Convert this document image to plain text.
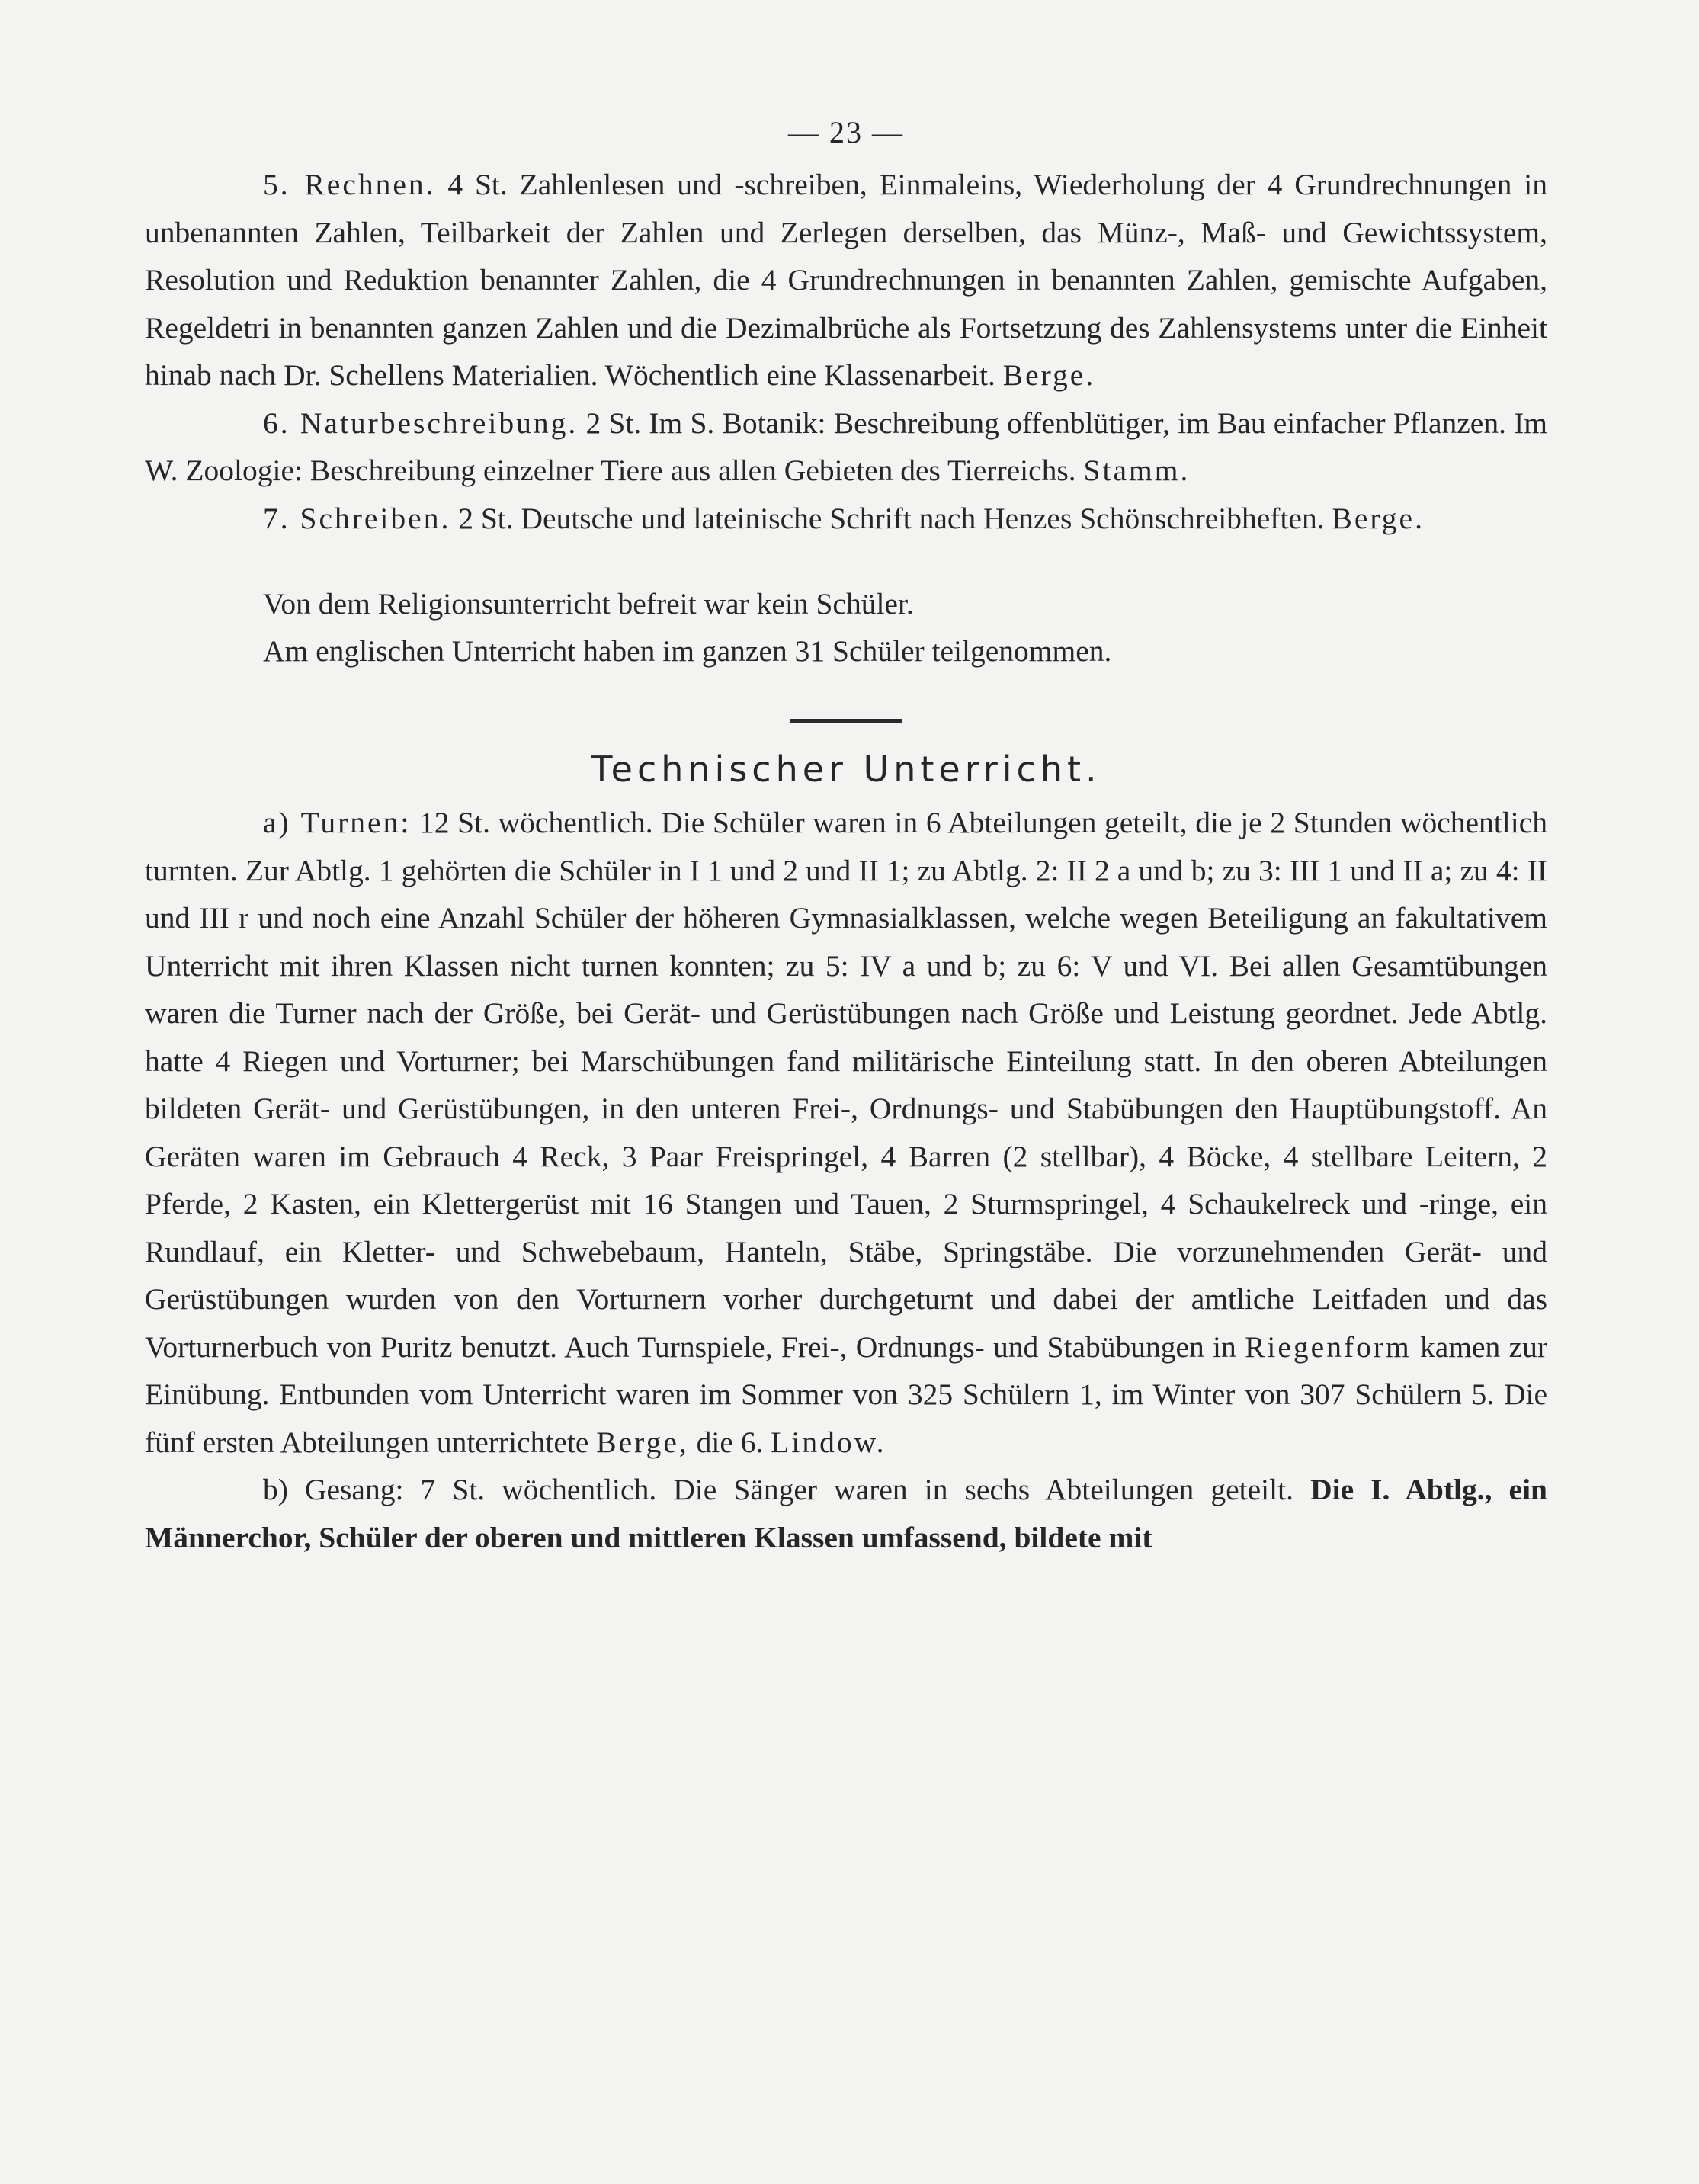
— 23 —

5. Rechnen. 4 St. Zahlenlesen und -schreiben, Einmaleins, Wiederholung der 4 Grundrechnungen in unbenannten Zahlen, Teilbarkeit der Zahlen und Zerlegen derselben, das Münz-, Maß- und Gewichtssystem, Resolution und Reduktion benannter Zahlen, die 4 Grundrechnungen in benannten Zahlen, gemischte Aufgaben, Regeldetri in benannten ganzen Zahlen und die Dezimalbrüche als Fortsetzung des Zahlensystems unter die Einheit hinab nach Dr. Schellens Materialien. Wöchentlich eine Klassenarbeit. Berge.

6. Naturbeschreibung. 2 St. Im S. Botanik: Beschreibung offenblütiger, im Bau einfacher Pflanzen. Im W. Zoologie: Beschreibung einzelner Tiere aus allen Gebieten des Tierreichs. Stamm.

7. Schreiben. 2 St. Deutsche und lateinische Schrift nach Henzes Schönschreibheften. Berge.

Von dem Religionsunterricht befreit war kein Schüler.

Am englischen Unterricht haben im ganzen 31 Schüler teilgenommen.

Technischer Unterricht.

a) Turnen: 12 St. wöchentlich. Die Schüler waren in 6 Abteilungen geteilt, die je 2 Stunden wöchentlich turnten. Zur Abtlg. 1 gehörten die Schüler in I 1 und 2 und II 1; zu Abtlg. 2: II 2 a und b; zu 3: III 1 und II a; zu 4: II und III r und noch eine Anzahl Schüler der höheren Gymnasialklassen, welche wegen Beteiligung an fakultativem Unterricht mit ihren Klassen nicht turnen konnten; zu 5: IV a und b; zu 6: V und VI. Bei allen Gesamtübungen waren die Turner nach der Größe, bei Gerät- und Gerüstübungen nach Größe und Leistung geordnet. Jede Abtlg. hatte 4 Riegen und Vorturner; bei Marschübungen fand militärische Einteilung statt. In den oberen Abteilungen bildeten Gerät- und Gerüstübungen, in den unteren Frei-, Ordnungs- und Stabübungen den Hauptübungstoff. An Geräten waren im Gebrauch 4 Reck, 3 Paar Freispringel, 4 Barren (2 stellbar), 4 Böcke, 4 stellbare Leitern, 2 Pferde, 2 Kasten, ein Klettergerüst mit 16 Stangen und Tauen, 2 Sturmspringel, 4 Schaukelreck und -ringe, ein Rundlauf, ein Kletter- und Schwebebaum, Hanteln, Stäbe, Springstäbe. Die vorzunehmenden Gerät- und Gerüstübungen wurden von den Vorturnern vorher durchgeturnt und dabei der amtliche Leitfaden und das Vorturnerbuch von Puritz benutzt. Auch Turnspiele, Frei-, Ordnungs- und Stabübungen in Riegenform kamen zur Einübung. Entbunden vom Unterricht waren im Sommer von 325 Schülern 1, im Winter von 307 Schülern 5. Die fünf ersten Abteilungen unterrichtete Berge, die 6. Lindow.

b) Gesang: 7 St. wöchentlich. Die Sänger waren in sechs Abteilungen geteilt. Die I. Abtlg., ein Männerchor, Schüler der oberen und mittleren Klassen umfassend, bildete mit
